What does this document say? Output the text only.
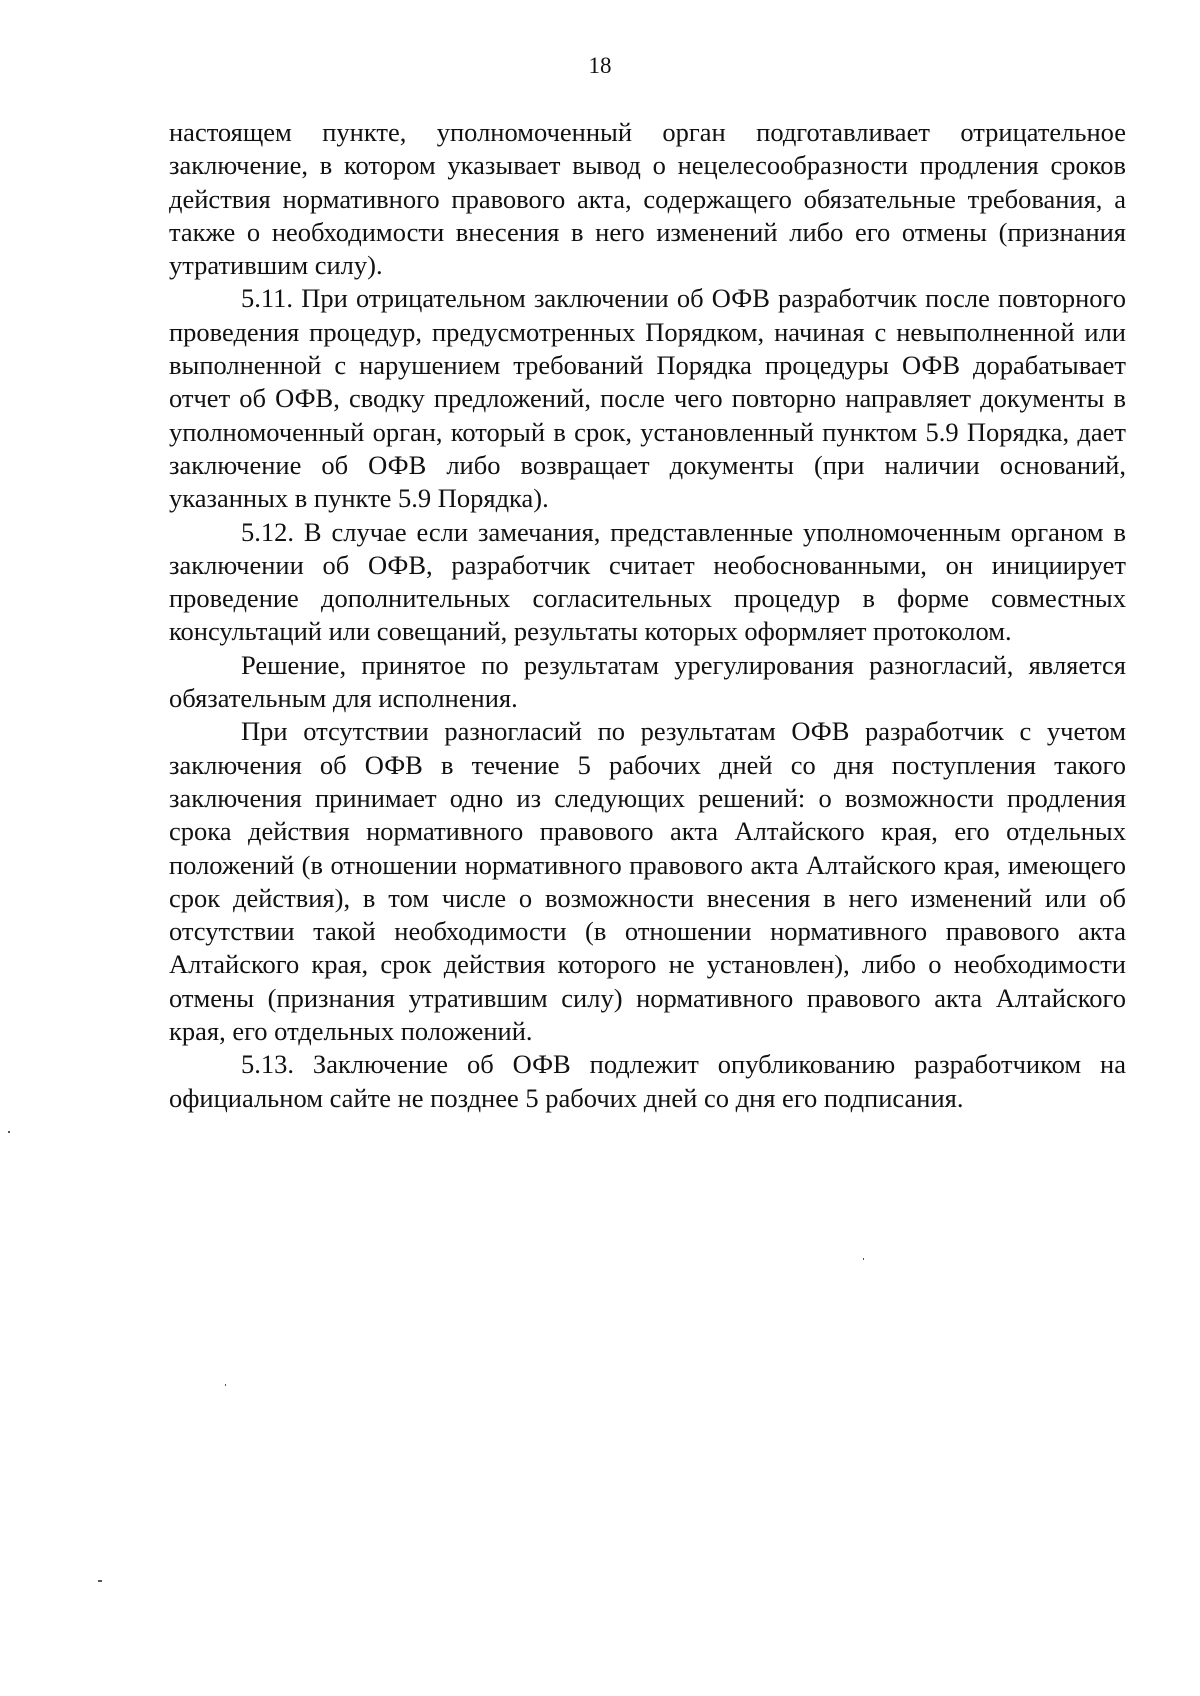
18

настоящем пункте, уполномоченный орган подготавливает отрицательное заключение, в котором указывает вывод о нецелесообразности продления сроков действия нормативного правового акта, содержащего обязательные требования, а также о необходимости внесения в него изменений либо его отмены (признания утратившим силу).

5.11. При отрицательном заключении об ОФВ разработчик после повторного проведения процедур, предусмотренных Порядком, начиная с невыполненной или выполненной с нарушением требований Порядка процедуры ОФВ дорабатывает отчет об ОФВ, сводку предложений, после чего повторно направляет документы в уполномоченный орган, который в срок, установленный пунктом 5.9 Порядка, дает заключение об ОФВ либо возвращает документы (при наличии оснований, указанных в пункте 5.9 Порядка).

5.12. В случае если замечания, представленные уполномоченным органом в заключении об ОФВ, разработчик считает необоснованными, он инициирует проведение дополнительных согласительных процедур в форме совместных консультаций или совещаний, результаты которых оформляет протоколом.

Решение, принятое по результатам урегулирования разногласий, является обязательным для исполнения.

При отсутствии разногласий по результатам ОФВ разработчик с учетом заключения об ОФВ в течение 5 рабочих дней со дня поступления такого заключения принимает одно из следующих решений: о возможности продления срока действия нормативного правового акта Алтайского края, его отдельных положений (в отношении нормативного правового акта Алтайского края, имеющего срок действия), в том числе о возможности внесения в него изменений или об отсутствии такой необходимости (в отношении нормативного правового акта Алтайского края, срок действия которого не установлен), либо о необходимости отмены (признания утратившим силу) нормативного правового акта Алтайского края, его отдельных положений.

5.13. Заключение об ОФВ подлежит опубликованию разработчиком на официальном сайте не позднее 5 рабочих дней со дня его подписания.
